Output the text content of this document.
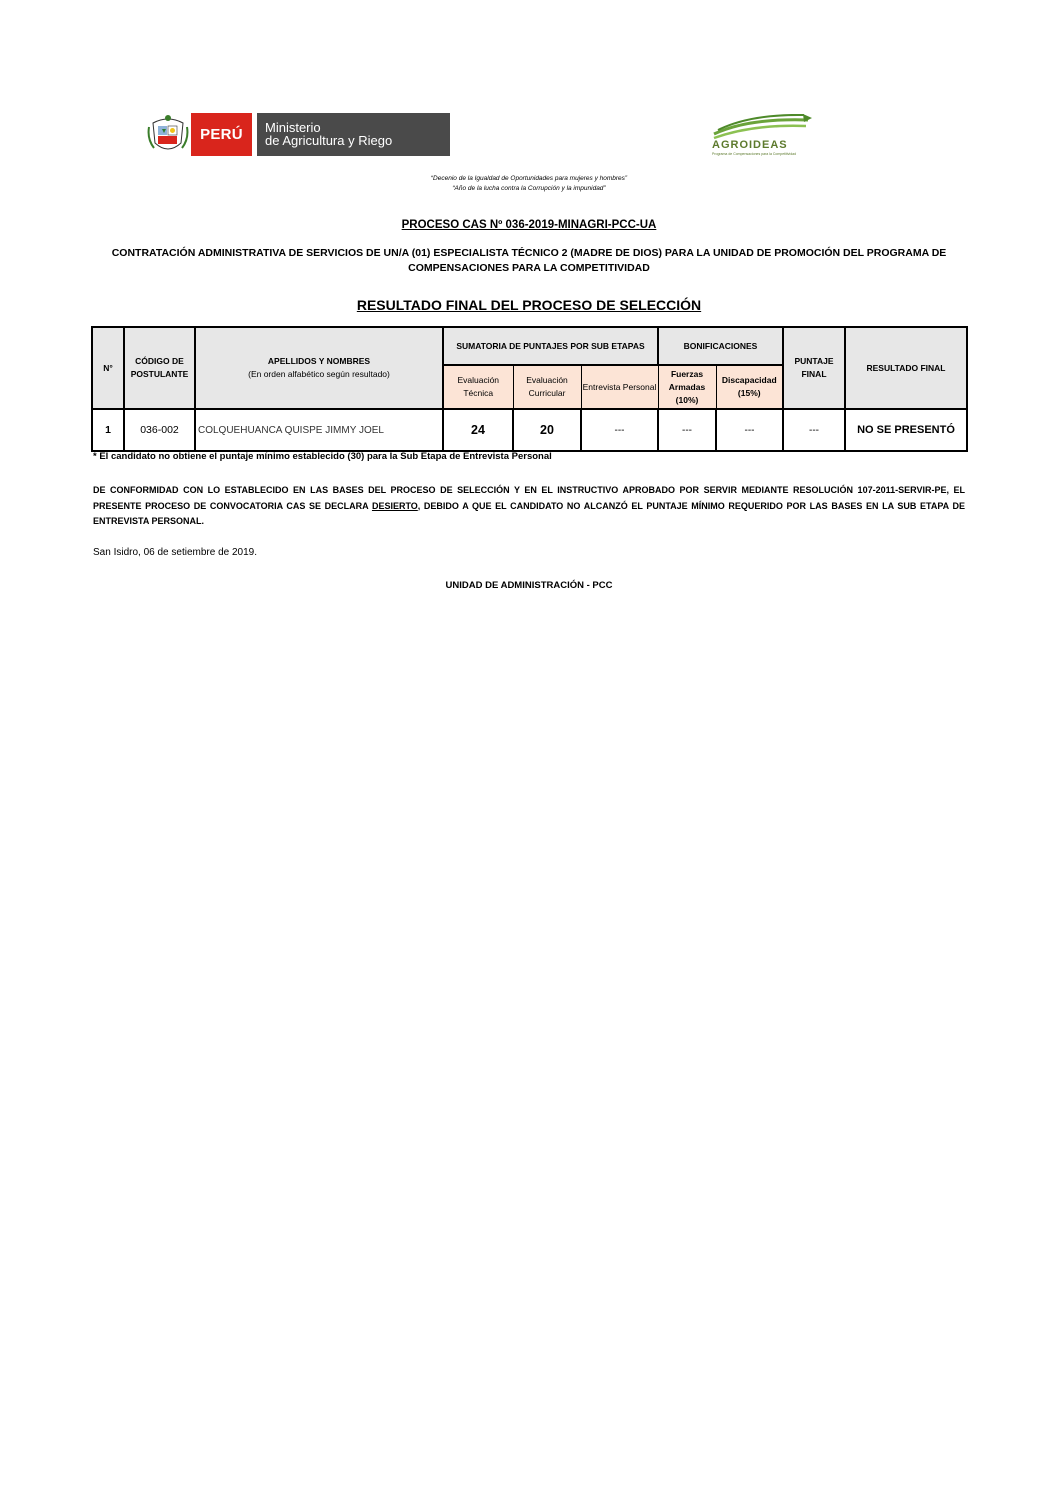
PERÚ	Ministerio
de Agricultura y Riego	AGROIDEAS
Programa de Compensaciones para la Competitividad
“Decenio de la Igualdad de Oportunidades para mujeres y hombres”
“Año de la lucha contra la Corrupción y la impunidad”
PROCESO CAS Nº 036-2019-MINAGRI-PCC-UA
CONTRATACIÓN ADMINISTRATIVA DE SERVICIOS DE UN/A (01) ESPECIALISTA TÉCNICO 2 (MADRE DE DIOS) PARA LA UNIDAD DE PROMOCIÓN DEL PROGRAMA DE COMPENSACIONES PARA LA COMPETITIVIDAD
RESULTADO FINAL DEL PROCESO DE SELECCIÓN
N°	CÓDIGO DE POSTULANTE	APELLIDOS Y NOMBRES
(En orden alfabético según resultado)	SUMATORIA DE PUNTAJES POR SUB ETAPAS			BONIFICACIONES		PUNTAJE FINAL	RESULTADO FINAL
			Evaluación Técnica	Evaluación Curricular	Entrevista Personal	Fuerzas Armadas (10%)	Discapacidad (15%)		
1	036-002	COLQUEHUANCA QUISPE JIMMY JOEL	24	20	---	---	---	---	NO SE PRESENTÓ
* El candidato no obtiene el puntaje mínimo establecido (30) para la Sub Etapa de Entrevista Personal
DE CONFORMIDAD CON LO ESTABLECIDO EN LAS BASES DEL PROCESO DE SELECCIÓN Y EN EL INSTRUCTIVO APROBADO POR SERVIR MEDIANTE RESOLUCIÓN 107-2011-SERVIR-PE, EL PRESENTE PROCESO DE CONVOCATORIA CAS SE DECLARA DESIERTO, DEBIDO A QUE EL CANDIDATO NO ALCANZÓ EL PUNTAJE MÍNIMO REQUERIDO POR LAS BASES EN LA SUB ETAPA DE ENTREVISTA PERSONAL.
San Isidro, 06 de setiembre de 2019.
UNIDAD DE ADMINISTRACIÓN - PCC
